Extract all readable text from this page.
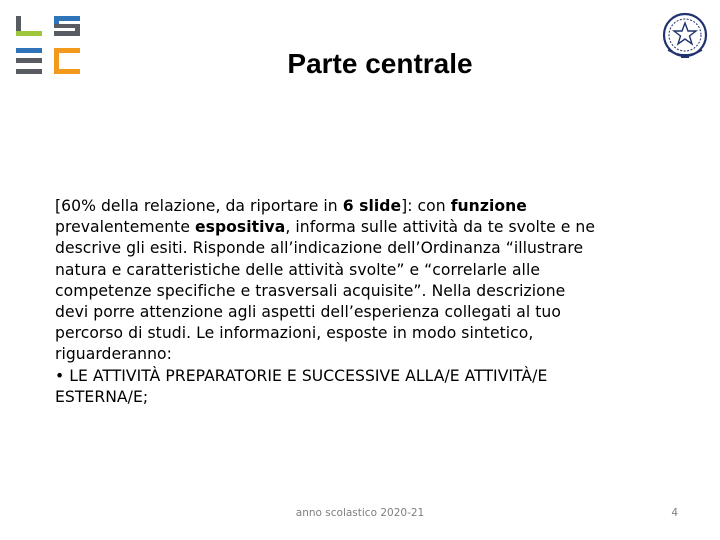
Parte centrale
[60% della relazione, da riportare in 6 slide]: con funzione
prevalentemente espositiva, informa sulle attività da te svolte e ne
descrive gli esiti. Risponde all’indicazione dell’Ordinanza “illustrare
natura e caratteristiche delle attività svolte” e “correlarle alle
competenze specifiche e trasversali acquisite”. Nella descrizione
devi porre attenzione agli aspetti dell’esperienza collegati al tuo
percorso di studi. Le informazioni, esposte in modo sintetico,
riguarderanno:
• LE ATTIVITÀ PREPARATORIE E SUCCESSIVE ALLA/E ATTIVITÀ/E
ESTERNA/E;
anno scolastico 2020-21	4
